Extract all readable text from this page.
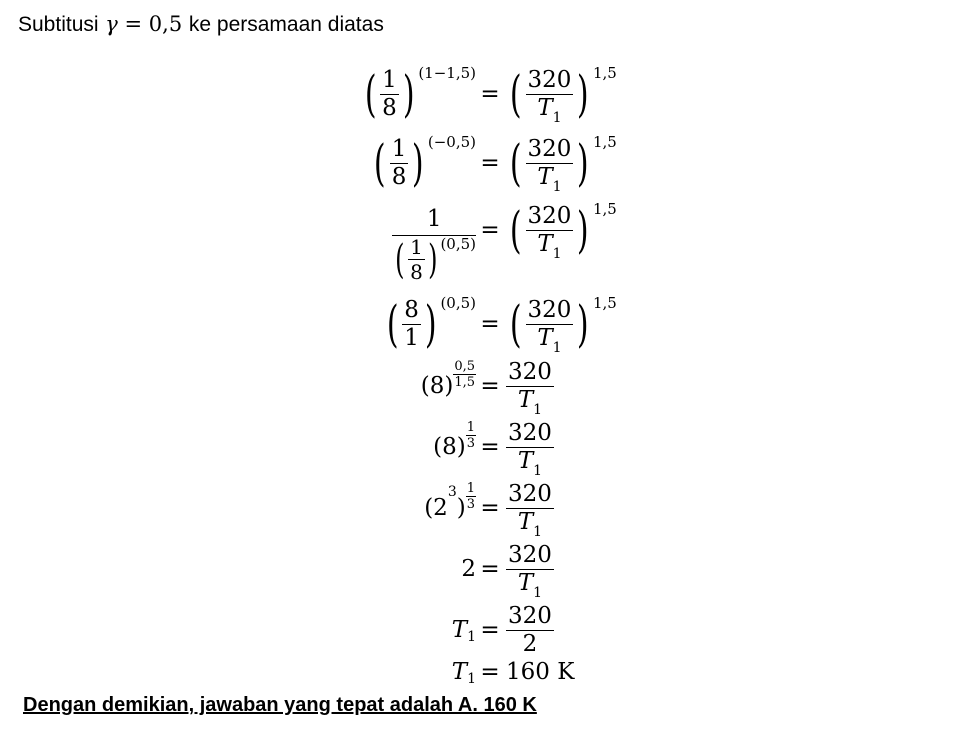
Subtitusi γ = 0,5 ke persamaan diatas
( $\frac{1}{8}$ ) (1−1,5)
= ( $\frac{320}{T_1}$ ) 1,5
( $\frac{1}{8}$ ) (−0,5)
= ( $\frac{320}{T_1}$ ) 1,5
1
( $\frac{1}{8}$ ) (0,5)
= ( $\frac{320}{T_1}$ ) 1,5
( $\frac{8}{1}$ ) (0,5)
= ( $\frac{320}{T_1}$ ) 1,5
$(8) \frac{0,5}{1,5} = \frac{320}{T_1}$
$(8) \frac{1}{3} = \frac{320}{T_1}$
(2
3
) $\frac{1}{3} = \frac{320}{T_1}$
$2 = \frac{320}{T_1}$
T $1 = \frac{320}{2}$
T 1 = 160 K
Dengan demikian, jawaban yang tepat adalah A. 160 K
